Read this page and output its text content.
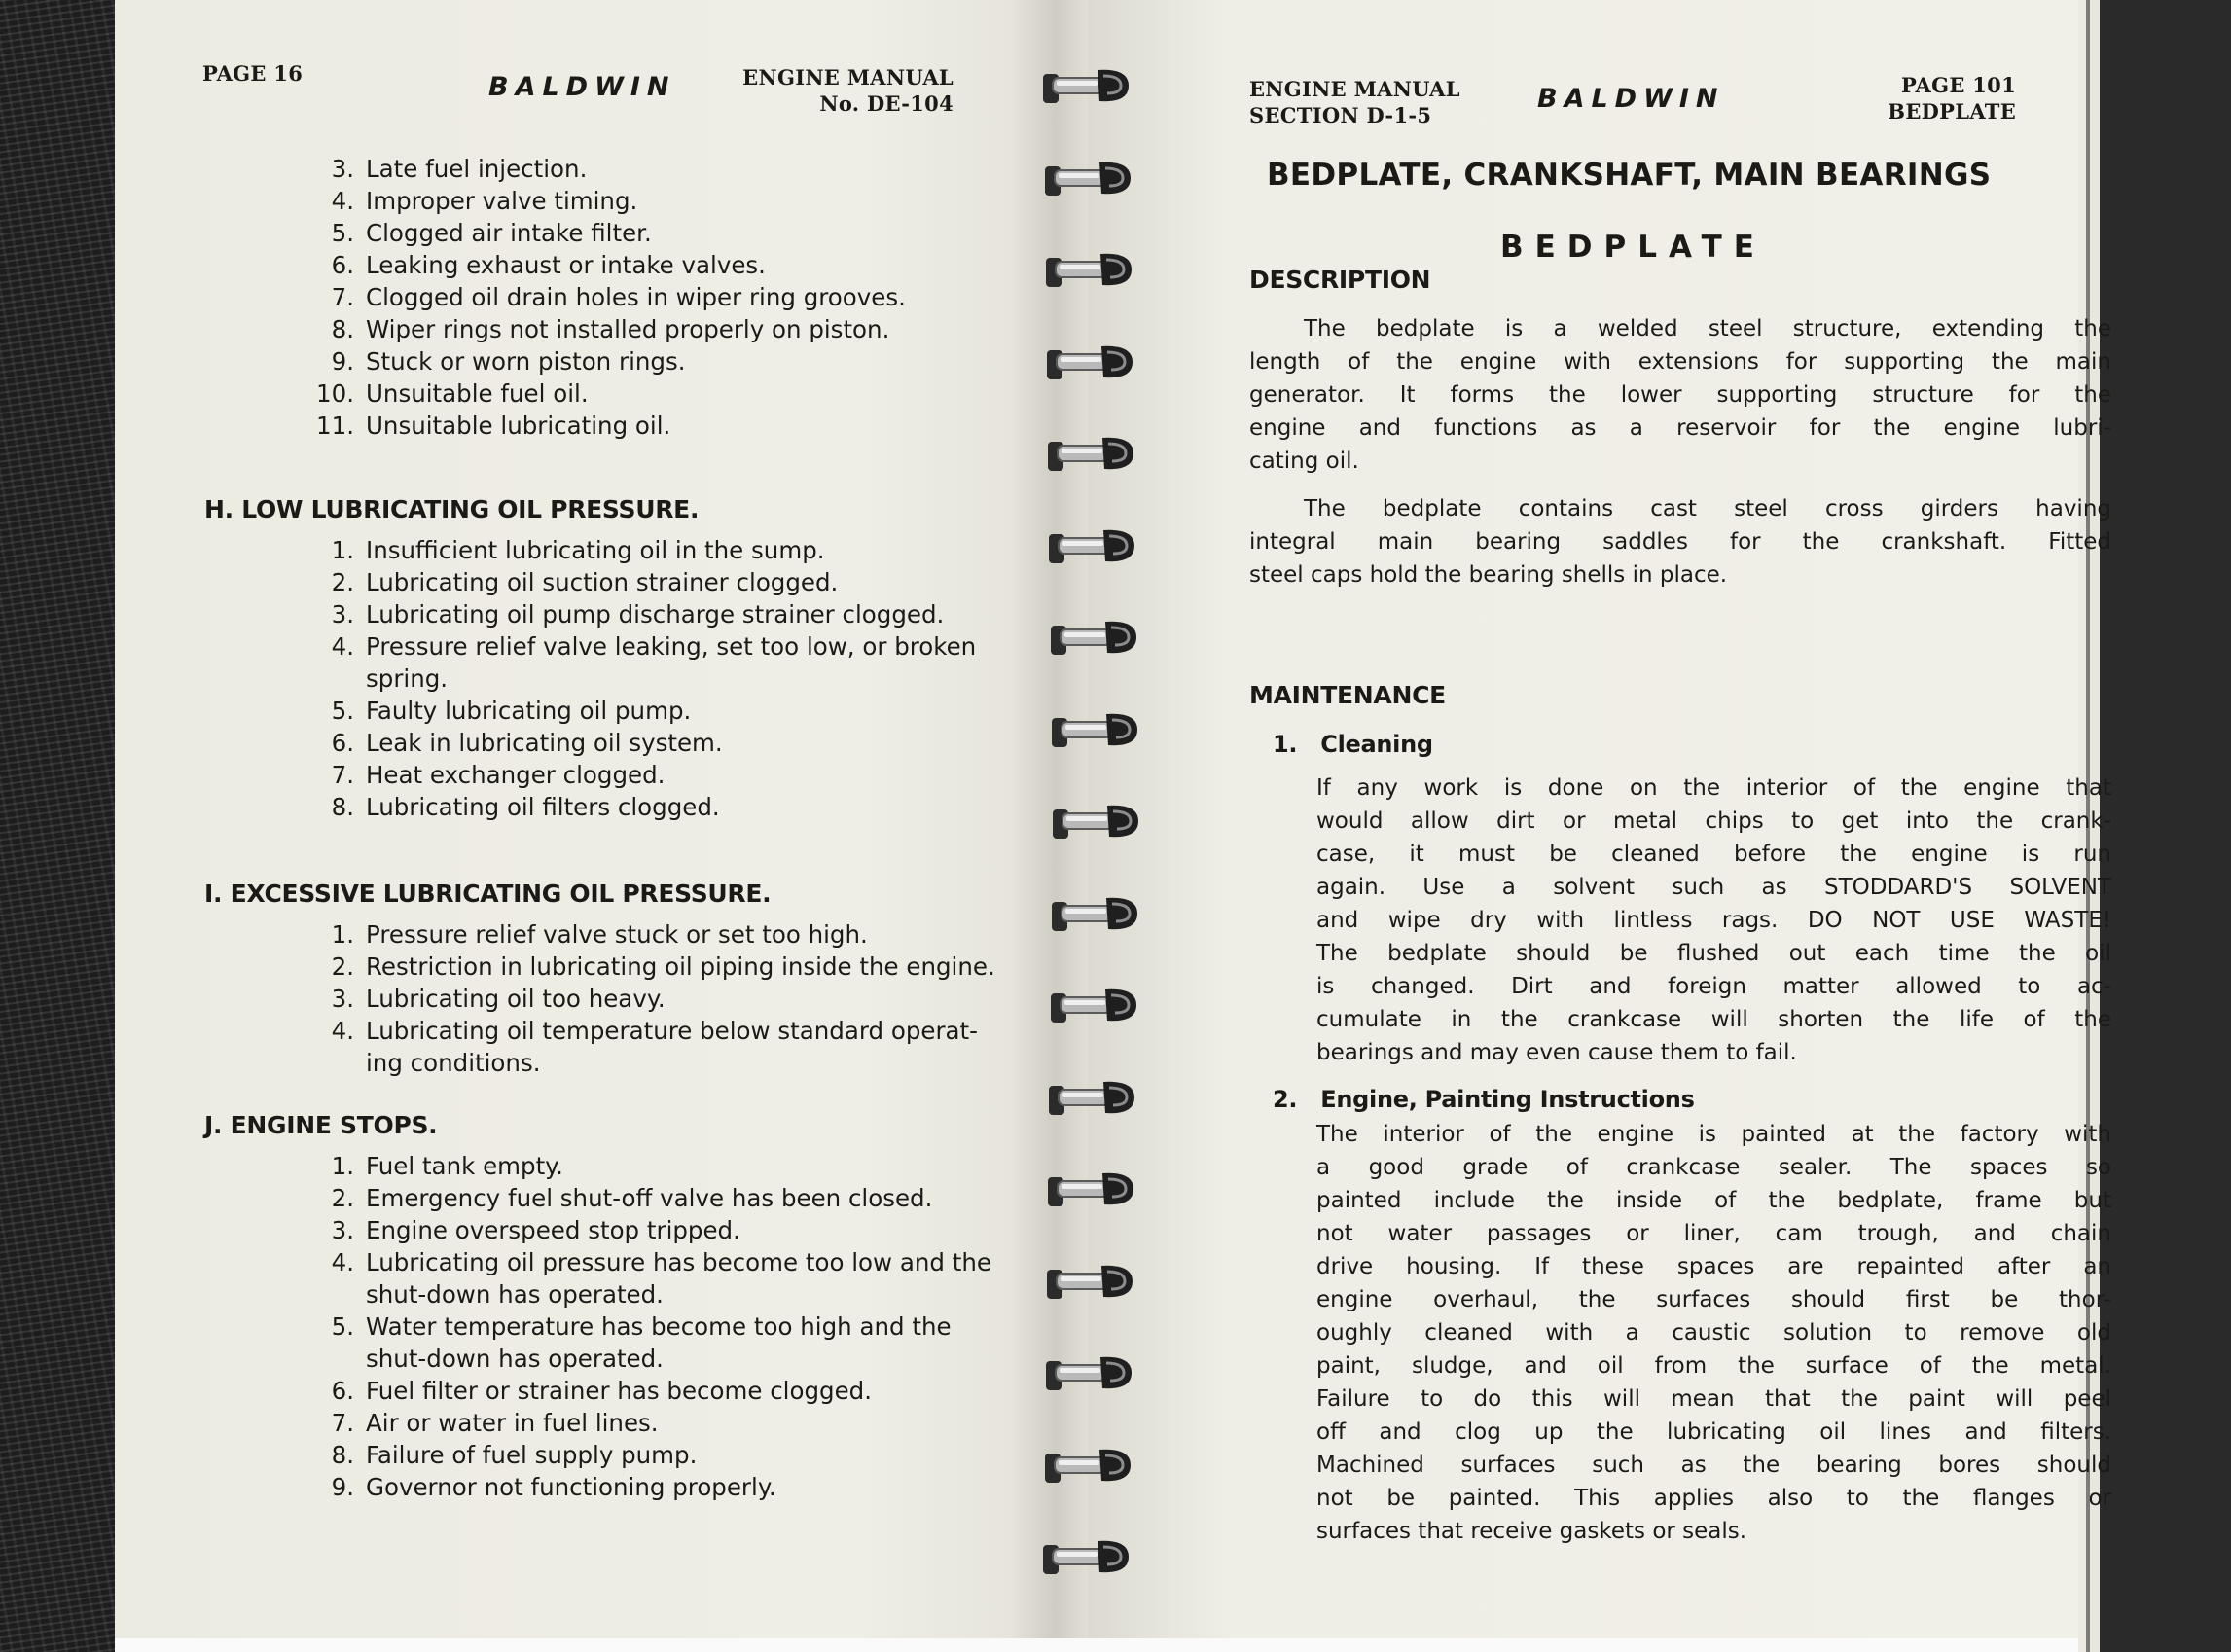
PAGE 16	BALDWIN	ENGINE MANUAL
No. DE-104
3. Late fuel injection.
4. Improper valve timing.
5. Clogged air intake filter.
6. Leaking exhaust or intake valves.
7. Clogged oil drain holes in wiper ring grooves.
8. Wiper rings not installed properly on piston.
9. Stuck or worn piston rings.
10. Unsuitable fuel oil.
11. Unsuitable lubricating oil.
H. LOW LUBRICATING OIL PRESSURE.
1. Insufficient lubricating oil in the sump.
2. Lubricating oil suction strainer clogged.
3. Lubricating oil pump discharge strainer clogged.
4. Pressure relief valve leaking, set too low, or broken
spring.
5. Faulty lubricating oil pump.
6. Leak in lubricating oil system.
7. Heat exchanger clogged.
8. Lubricating oil filters clogged.
I. EXCESSIVE LUBRICATING OIL PRESSURE.
1. Pressure relief valve stuck or set too high.
2. Restriction in lubricating oil piping inside the engine.
3. Lubricating oil too heavy.
4. Lubricating oil temperature below standard operat-
ing conditions.
J. ENGINE STOPS.
1. Fuel tank empty.
2. Emergency fuel shut-off valve has been closed.
3. Engine overspeed stop tripped.
4. Lubricating oil pressure has become too low and the
shut-down has operated.
5. Water temperature has become too high and the
shut-down has operated.
6. Fuel filter or strainer has become clogged.
7. Air or water in fuel lines.
8. Failure of fuel supply pump.
9. Governor not functioning properly.
ENGINE MANUAL
SECTION D-1-5
BALDWIN	PAGE 101
BEDPLATE
BEDPLATE, CRANKSHAFT, MAIN BEARINGS
BEDPLATE
DESCRIPTION
The bedplate is a welded steel structure, extending the
length of the engine with extensions for supporting the main
generator. It forms the lower supporting structure for the
engine and functions as a reservoir for the engine lubri-
cating oil.
The bedplate contains cast steel cross girders having
integral main bearing saddles for the crankshaft. Fitted
steel caps hold the bearing shells in place.
MAINTENANCE
1. Cleaning
If any work is done on the interior of the engine that
would allow dirt or metal chips to get into the crank-
case, it must be cleaned before the engine is run
again. Use a solvent such as STODDARD'S SOLVENT
and wipe dry with lintless rags. DO NOT USE WASTE!
The bedplate should be flushed out each time the oil
is changed. Dirt and foreign matter allowed to ac-
cumulate in the crankcase will shorten the life of the
bearings and may even cause them to fail.
2. Engine, Painting Instructions
The interior of the engine is painted at the factory with
a good grade of crankcase sealer. The spaces so
painted include the inside of the bedplate, frame but
not water passages or liner, cam trough, and chain
drive housing. If these spaces are repainted after an
engine overhaul, the surfaces should first be thor-
oughly cleaned with a caustic solution to remove old
paint, sludge, and oil from the surface of the metal.
Failure to do this will mean that the paint will peel
off and clog up the lubricating oil lines and filters.
Machined surfaces such as the bearing bores should
not be painted. This applies also to the flanges or
surfaces that receive gaskets or seals.
